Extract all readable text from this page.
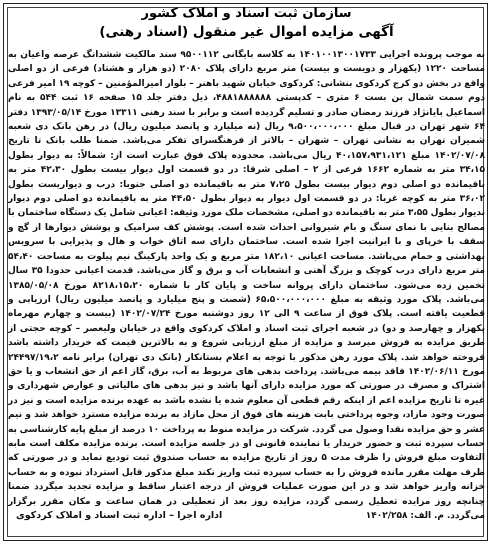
سازمان ثبت اسناد و املاک کشور
آگهی مزایده اموال غیر منقول (اسناد رهنی)
به موجب پرونده اجرایی ۱۴۰۱۰۰۱۳۰۰۱۷۳۳ به کلاسه بایگانی ۹۵۰۰۱۱۲ سند مالکیت ششدانگ عرصه واعیان به مساحت ۱۲۲۰ (یکهزار و دویست و بیست) متر مربع دارای پلاک ۲۰۸۰ (دو هزار و هشتاد) فرعی از دو اصلی واقع در بخش دو کرج کردکوی بنشانی: کردکوی خیابان شهید باهنر – بلوار امیرالمؤمنین – کوچه ۱۹ امیر فرعی دوم سمت شمال بن بست ۶ متری – کدپستی ۴۸۸۱۸۸۸۸۸۸، ذیل دفتر جلد ۱۵ صفحه ۱۶ ثبت ۵۴۴ به نام اسماعیل بایانژاد فرزند رمضان صادر و تسلیم گردیده است و برابر با سند رهنی ۱۳۳۱۱ مورخ ۱۳۹۳/۰۵/۱۴ دفتر ۶۴ شهر تهران در قبال مبلغ ۹،۵۰۰،۰۰۰،۰۰۰ ریال (نه میلیارد و پانصد میلیون ریال) در رهن بانک دی شعبه شمیران تهران به نشانی تهران – شهران – بالاتر از فرهنگسرای تفکر می‌باشد. ضمنا طلب بانک تا تاریخ ۱۴۰۲/۰۷/۰۸ مبلغ ۴۰،۱۵۷،۹۳۱،۱۲۱ ریال می‌باشد. محدوده پلاک فوق عبارت است از: شمالاً: به دیوار بطول ۳۴،۱۵ متر به شماره ۱۶۶۲ فرعی از ۲ – اصلی شرقا: در دو قسمت اول دیوار بیست بطول ۴۲،۳۰ متر به باقیمانده دو اصلی دوم دیوار بیست بطول ۷،۲۵ متر به باقیمانده دو اصلی جنوبا: درب و دیواریست بطول ۳۶،۰۲ متر به کوچه غربا: در دو قسمت اول دیوار به دیوار بطول ۴۴،۵۰ متر به باقیمانده دو اصلی دوم دیوار بدیوار بطول ۳،۵۵ متر به باقیمانده دو اصلی، مشخصات ملک مورد وثیقه: اعیانی شامل یک دستگاه ساختمان با مصالح بنایی با نمای سنگ و بام شیروانی احداث شده است. پوشش کف سرامیک و پوشش دیوارها از گچ و سقف با خرپای و با ایرانیت اجرا شده است. ساختمان دارای سه اتاق خواب و هال و پذیرایی با سرویس بهداشتی و حمام می‌باشد. مساحت اعیانی ۱۸۲،۱۰ متر مربع و یک واحد پارکینگ نیم پیلوت به مساحت ۵۴،۴۰ متر مربع دارای درب کوچک و بزرگ آهنی و انشعابات آب و برق و گاز می‌باشد. قدمت اعیانی حدودا ۳۵ سال تخمین زده می‌شود. ساختمان دارای پروانه ساخت و پایان کار با شماره ۸۲۱۸،۱۵،۲۰ مورخ ۱۳۸۵/۰۵/۰۸ می‌باشد. پلاک مورد وثیقه به مبلغ ۶۵،۵۰۰،۰۰۰،۰۰۰ (شصت و پنج میلیارد و پانصد میلیون ریال) ارزیابی و قطعیت یافته است. پلاک فوق از ساعت ۹ الی ۱۲ روز دوشنبه مورخ ۱۴۰۲/۰۷/۲۴ (بیست و چهارم مهرماه یکهزار و چهارصد و دو) در شعبه اجرای ثبت اسناد و املاک کردکوی واقع در خیابان ولیعصر – کوچه حجتی از طریق مزایده به فروش میرسد و مزایده از مبلغ ارزیابی شروع و به بالاترین قیمت که خریدار داشته باشد فروخته خواهد شد. پلاک مورد رهن مذکور با توجه به اعلام بستانکار (بانک دی تهران) برابر نامه ۲۴۴۹۷/۱۹،۲ مورخ ۱۴۰۲/۰۶/۱۱ فاقد بیمه می‌باشد. پرداخت بدهی های مربوط به آب، برق، گاز اعم از حق انشعاب و یا حق اشتراک و مصرف در صورتی که مورد مزایده دارای آنها باشد و نیز بدهی های مالیاتی و عوارض شهرداری و غیره تا تاریخ مزایده اعم از اینکه رقم قطعی آن معلوم شده یا نشده باشد به عهده برنده مزایده است و نیز در صورت وجود مازاد، وجوه پرداختی بابت هزینه های فوق از محل مازاد به برنده مزایده مسترد خواهد شد و نیم عشر و حق مزایده نقدا وصول می گردد. شرکت در مزایده منوط به پرداخت ۱۰ درصد از مبلغ پایه کارشناسی به حساب سپرده ثبت و حضور خریدار یا نماینده قانونی او در جلسه مزایده است. برنده مزایده مکلف است مابه التفاوت مبلغ فروش را ظرف مدت ۵ روز از تاریخ مزایده به حساب صندوق ثبت تودیع نماید و در صورتی که ظرف مهلت مقرر مانده فروش را به حساب سپرده ثبت واریز نکند مبلغ مذکور قابل استرداد نبوده و به حساب خزانه واریز خواهد شد و در این صورت عملیات فروش از درجه اعتبار ساقط و مزایده تجدید میگردد ضمنا چنانچه روز مزایده تعطیل رسمی گردد، مزایده روز بعد از تعطیلی در همان ساعت و مکان مقرر برگزار می‌گردد. م. الف: ۱۴۰۲/۲۵۸
اداره اجرا – اداره ثبت اسناد و املاک کردکوی
